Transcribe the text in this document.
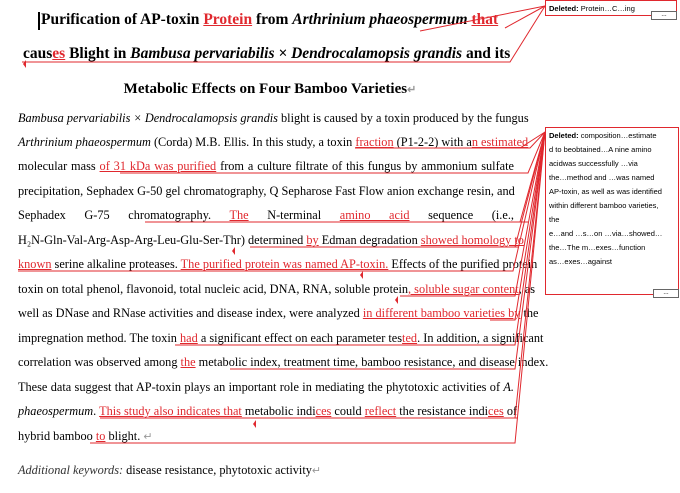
Purification of AP-toxin Protein from Arthrinium phaeospermum that
causes Blight in Bambusa pervariabilis × Dendrocalamopsis grandis and its
Metabolic Effects on Four Bamboo Varieties↵
Bambusa pervariabilis × Dendrocalamopsis grandis blight is caused by a toxin produced by the fungus
Arthrinium phaeospermum (Corda) M.B. Ellis. In this study, a toxin fraction (P1-2-2) with an estimated
molecular mass of 31 kDa was purified from a culture filtrate of this fungus by ammonium sulfate
precipitation, Sephadex G-50 gel chromatography, Q Sepharose Fast Flow anion exchange resin, and
Sephadex G-75 chromatography. The N-terminal amino acid sequence (i.e.,
H₂N-Gln-Val-Arg-Asp-Arg-Leu-Glu-Ser-Thr) determined by Edman degradation showed homology to
known serine alkaline proteases. The purified protein was named AP-toxin. Effects of the purified protein
toxin on total phenol, flavonoid, total nucleic acid, DNA, RNA, soluble protein, soluble sugar content, as
well as DNase and RNase activities and disease index, were analyzed in different bamboo varieties by the
impregnation method. The toxin had a significant effect on each parameter tested. In addition, a significant
correlation was observed among the metabolic index, treatment time, bamboo resistance, and disease index.
These data suggest that AP-toxin plays an important role in mediating the phytotoxic activities of A.
phaeospermum. This study also indicates that metabolic indices could reflect the resistance indices of
hybrid bamboo to blight. ↵
Additional keywords: disease resistance, phytotoxic activity↵
Deleted: Protein…C…ing
...
Deleted: composition…estimate
d to beobtained…A nine amino
acidwas successfully …via
the…method and …was named
AP-toxin, as well as was identified
within different bamboo varieties,
the
e…and …s…on …via…showed…
the…The m…exes…function
as…exes…against
...
